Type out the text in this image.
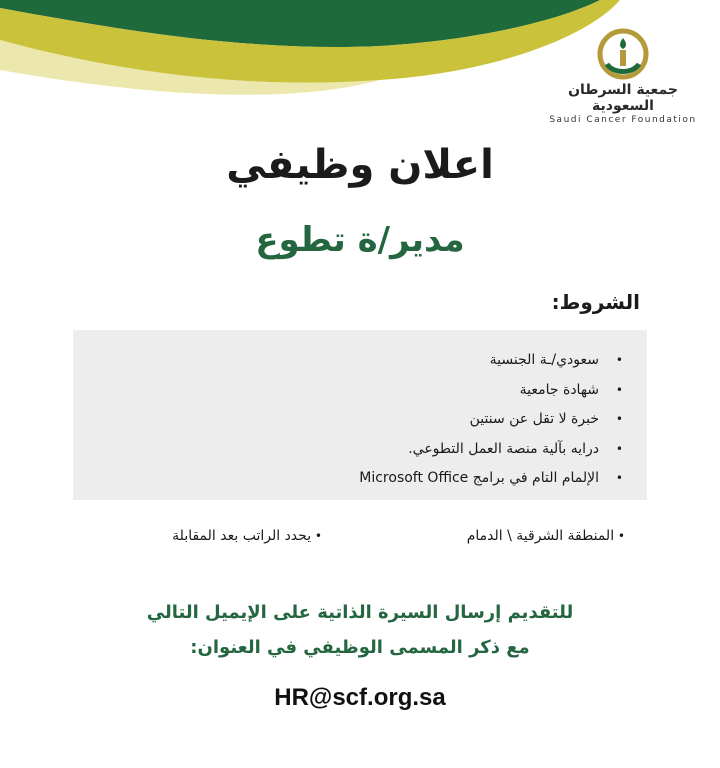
جمعية السرطان السعودية
Saudi Cancer Foundation
اعلان وظيفي
مدير/ة تطوع
الشروط:
• سعودي/ـة الجنسية
• شهادة جامعية
• خبرة لا تقل عن سنتين
• درايه بآلية منصة العمل التطوعي.
• الإلمام التام في برامج Microsoft Office
• المنطقة الشرقية \ الدمام
• يحدد الراتب بعد المقابلة
للتقديم إرسال السيرة الذاتية على الإيميل التالي
مع ذكر المسمى الوظيفي في العنوان:
HR@scf.org.sa
